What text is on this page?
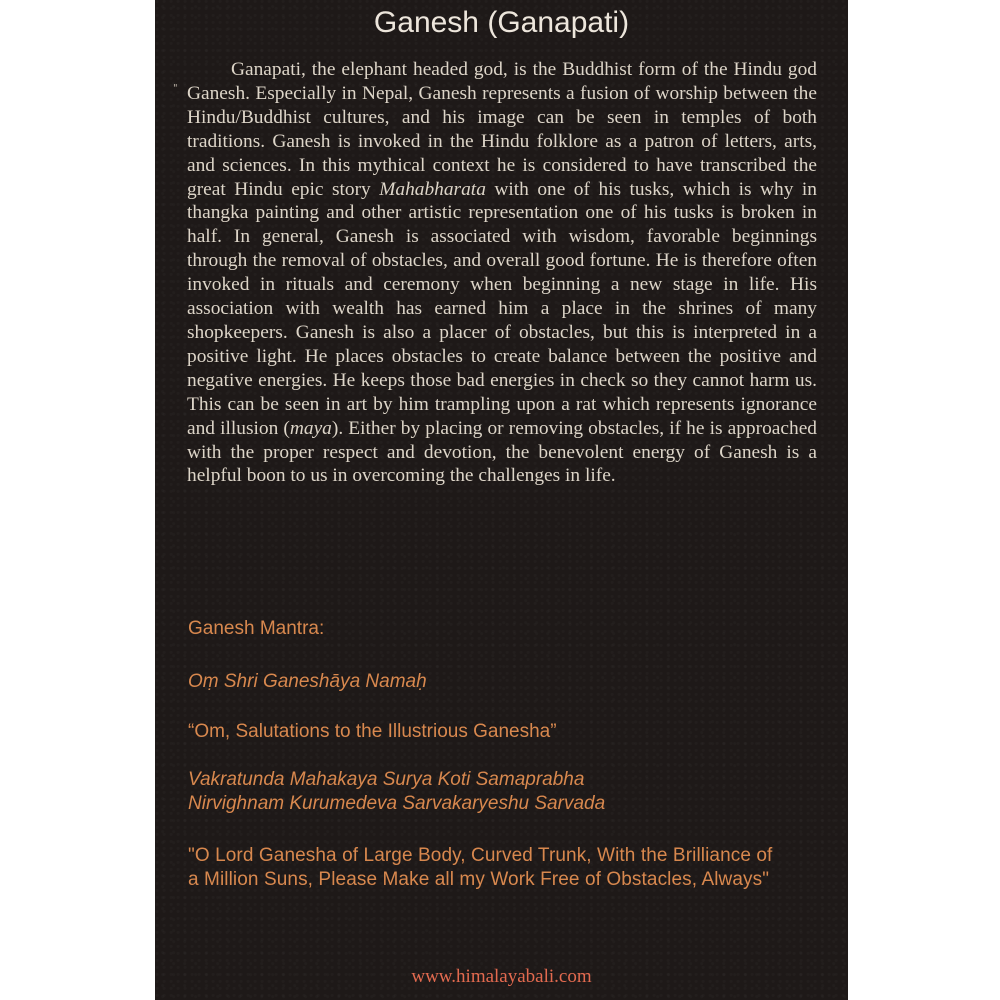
Ganesh (Ganapati)
"

Ganapati, the elephant headed god, is the Buddhist form of the Hindu god Ganesh. Especially in Nepal, Ganesh represents a fusion of worship between the Hindu/Buddhist cultures, and his image can be seen in temples of both traditions. Ganesh is invoked in the Hindu folklore as a patron of letters, arts, and sciences. In this mythical context he is considered to have transcribed the great Hindu epic story Mahabharata with one of his tusks, which is why in thangka painting and other artistic representation one of his tusks is broken in half. In general, Ganesh is associated with wisdom, favorable beginnings through the removal of obstacles, and overall good fortune. He is therefore often invoked in rituals and ceremony when beginning a new stage in life. His association with wealth has earned him a place in the shrines of many shopkeepers. Ganesh is also a placer of obstacles, but this is interpreted in a positive light. He places obstacles to create balance between the positive and negative energies. He keeps those bad energies in check so they cannot harm us. This can be seen in art by him trampling upon a rat which represents ignorance and illusion (maya). Either by placing or removing obstacles, if he is approached with the proper respect and devotion, the benevolent energy of Ganesh is a helpful boon to us in overcoming the challenges in life.

Ganesh Mantra:

Oṃ Shri Ganeshāya Namaḥ

“Om, Salutations to the Illustrious Ganesha”

Vakratunda Mahakaya Surya Koti Samaprabha
Nirvighnam Kurumedeva Sarvakaryeshu Sarvada

"O Lord Ganesha of Large Body, Curved Trunk, With the Brilliance of
a Million Suns, Please Make all my Work Free of Obstacles, Always"

www.himalayabali.com
